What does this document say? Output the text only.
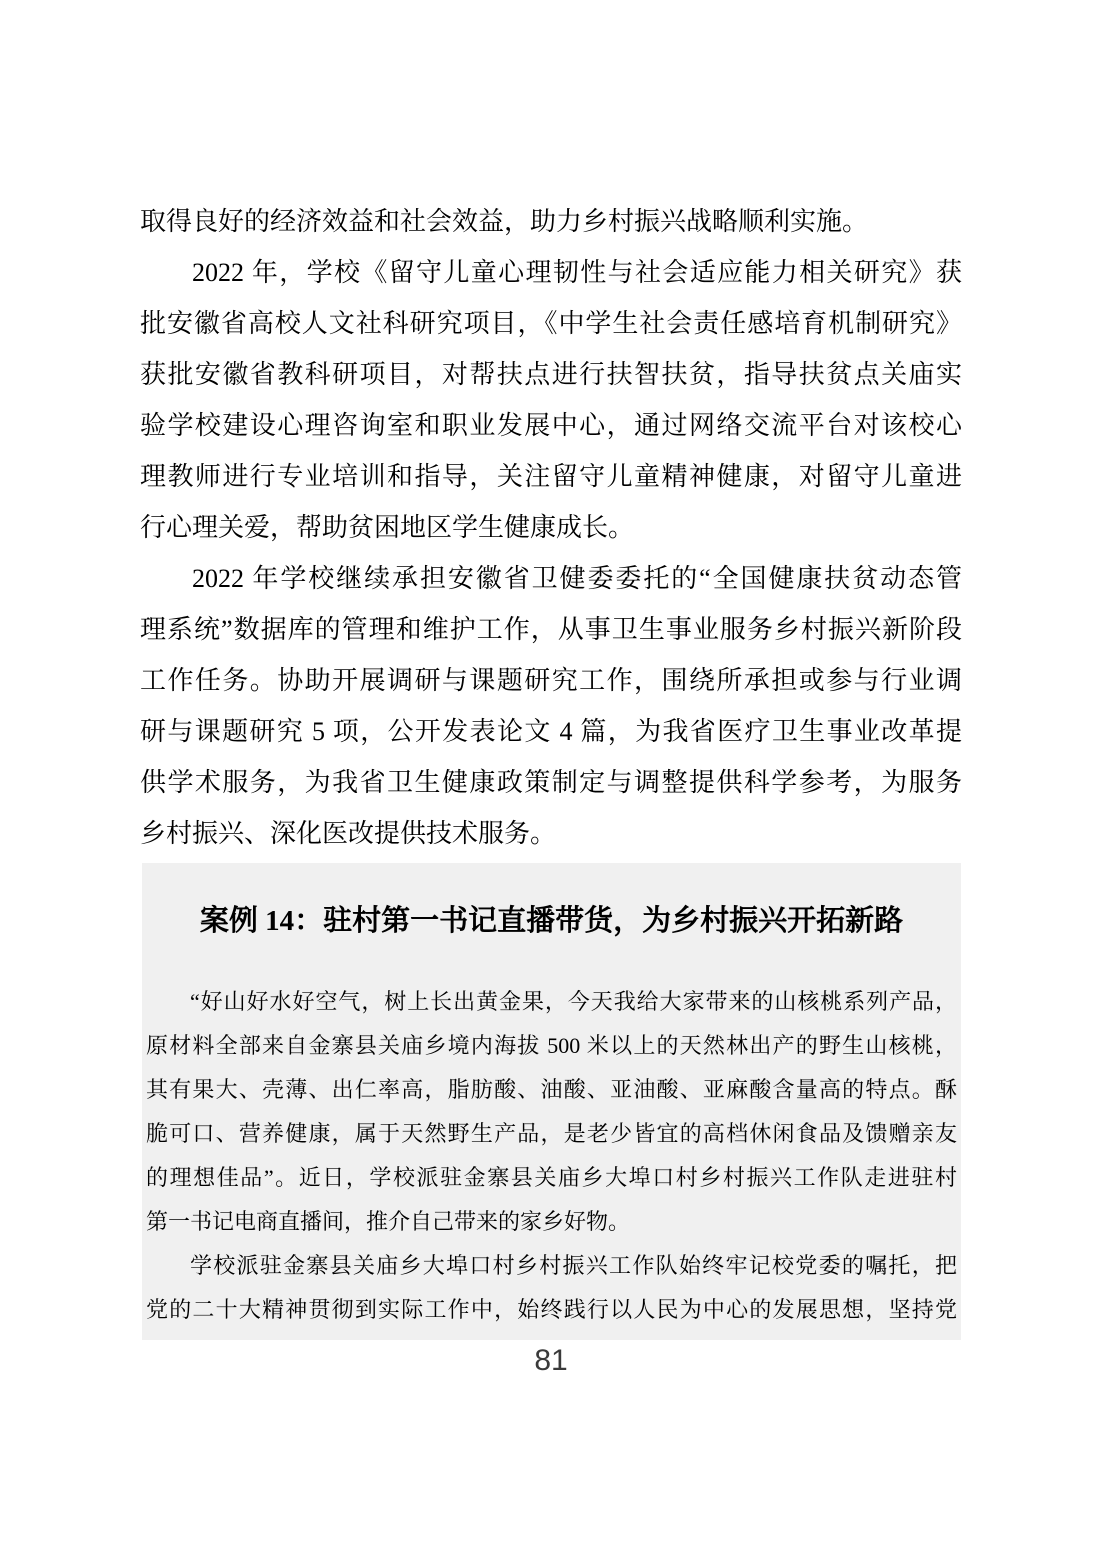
取得良好的经济效益和社会效益，助力乡村振兴战略顺利实施。
2022 年，学校《留守儿童心理韧性与社会适应能力相关研究》获
批安徽省高校人文社科研究项目，《中学生社会责任感培育机制研究》
获批安徽省教科研项目，对帮扶点进行扶智扶贫，指导扶贫点关庙实
验学校建设心理咨询室和职业发展中心，通过网络交流平台对该校心
理教师进行专业培训和指导，关注留守儿童精神健康，对留守儿童进
行心理关爱，帮助贫困地区学生健康成长。
2022 年学校继续承担安徽省卫健委委托的“全国健康扶贫动态管
理系统”数据库的管理和维护工作，从事卫生事业服务乡村振兴新阶段
工作任务。协助开展调研与课题研究工作，围绕所承担或参与行业调
研与课题研究 5 项，公开发表论文 4 篇，为我省医疗卫生事业改革提
供学术服务，为我省卫生健康政策制定与调整提供科学参考，为服务
乡村振兴、深化医改提供技术服务。
案例 14：驻村第一书记直播带货，为乡村振兴开拓新路
“好山好水好空气，树上长出黄金果，今天我给大家带来的山核桃系列产品，
原材料全部来自金寨县关庙乡境内海拔 500 米以上的天然林出产的野生山核桃，
其有果大、壳薄、出仁率高，脂肪酸、油酸、亚油酸、亚麻酸含量高的特点。酥
脆可口、营养健康，属于天然野生产品，是老少皆宜的高档休闲食品及馈赠亲友
的理想佳品”。近日，学校派驻金寨县关庙乡大埠口村乡村振兴工作队走进驻村
第一书记电商直播间，推介自己带来的家乡好物。
学校派驻金寨县关庙乡大埠口村乡村振兴工作队始终牢记校党委的嘱托，把
党的二十大精神贯彻到实际工作中，始终践行以人民为中心的发展思想，坚持党
81
